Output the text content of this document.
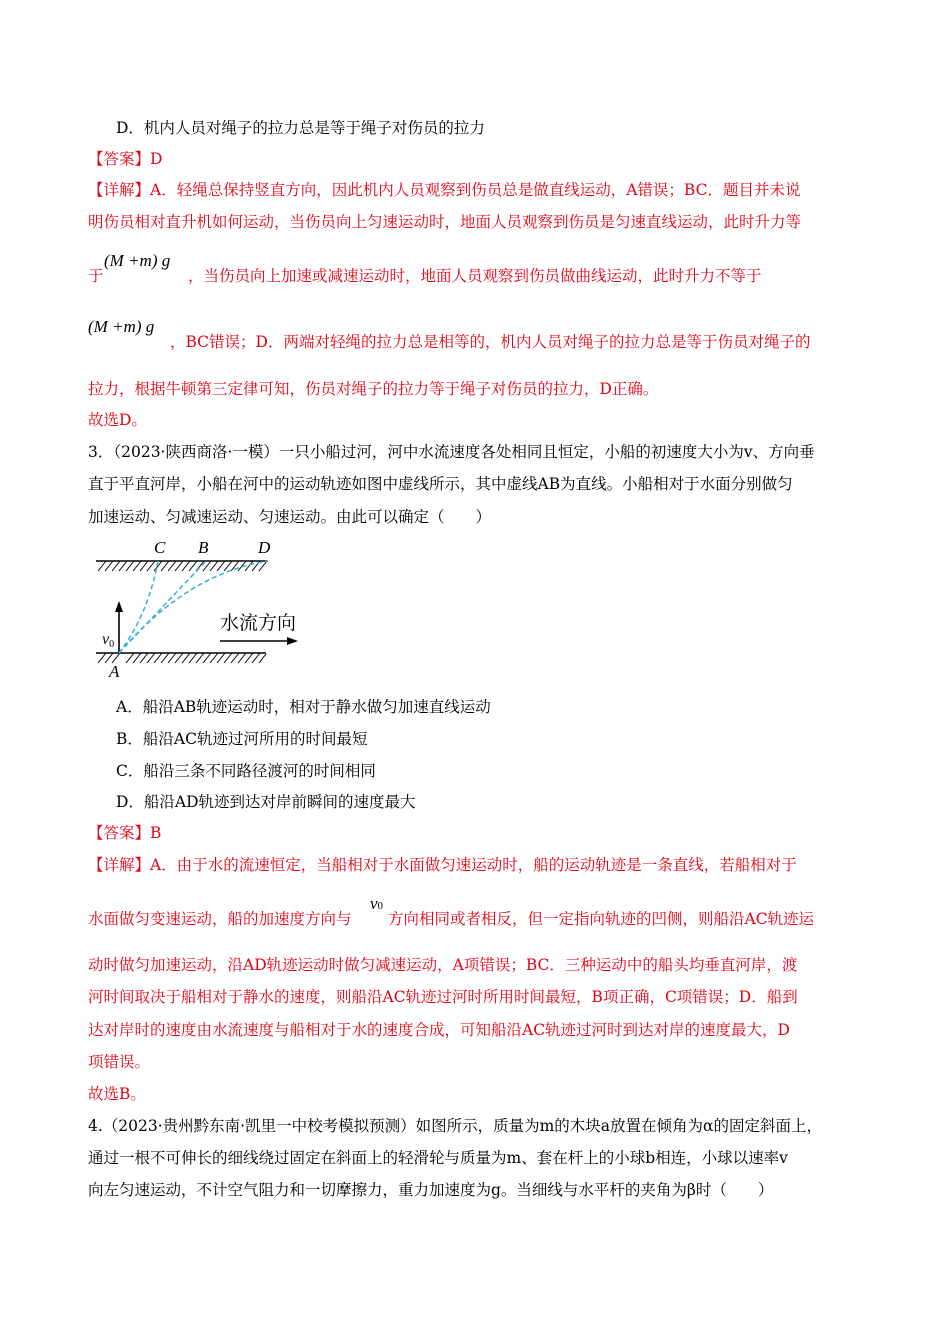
D．机内人员对绳子的拉力总是等于绳子对伤员的拉力
【答案】D
【详解】A．轻绳总保持竖直方向，因此机内人员观察到伤员总是做直线运动，A错误；BC．题目并未说
明伤员相对直升机如何运动，当伤员向上匀速运动时，地面人员观察到伤员是匀速直线运动，此时升力等
于
(M +m) g
，当伤员向上加速或减速运动时，地面人员观察到伤员做曲线运动，此时升力不等于
(M +m) g
，BC错误；D．两端对轻绳的拉力总是相等的，机内人员对绳子的拉力总是等于伤员对绳子的
拉力，根据牛顿第三定律可知，伤员对绳子的拉力等于绳子对伤员的拉力，D正确。
故选D。
3．（2023·陕西商洛·一模）一只小船过河，河中水流速度各处相同且恒定，小船的初速度大小为v、方向垂
直于平直河岸，小船在河中的运动轨迹如图中虚线所示，其中虚线AB为直线。小船相对于水面分别做匀
加速运动、匀减速运动、匀速运动。由此可以确定（　　）
C B	D
A
v0
水流方向
A．船沿AB轨迹运动时，相对于静水做匀加速直线运动
B．船沿AC轨迹过河所用的时间最短
C．船沿三条不同路径渡河的时间相同
D．船沿AD轨迹到达对岸前瞬间的速度最大
【答案】B
【详解】A．由于水的流速恒定，当船相对于水面做匀速运动时，船的运动轨迹是一条直线，若船相对于
水面做匀变速运动，船的加速度方向与
v0
方向相同或者相反，但一定指向轨迹的凹侧，则船沿AC轨迹运
动时做匀加速运动，沿AD轨迹运动时做匀减速运动，A项错误；BC．三种运动中的船头均垂直河岸，渡
河时间取决于船相对于静水的速度，则船沿AC轨迹过河时所用时间最短，B项正确，C项错误；D．船到
达对岸时的速度由水流速度与船相对于水的速度合成，可知船沿AC轨迹过河时到达对岸的速度最大，D
项错误。
故选B。
4.（2023·贵州黔东南·凯里一中校考模拟预测）如图所示，质量为m的木块a放置在倾角为α的固定斜面上，
通过一根不可伸长的细线绕过固定在斜面上的轻滑轮与质量为m、套在杆上的小球b相连，小球以速率v
向左匀速运动，不计空气阻力和一切摩擦力，重力加速度为g。当细线与水平杆的夹角为β时（　　）
